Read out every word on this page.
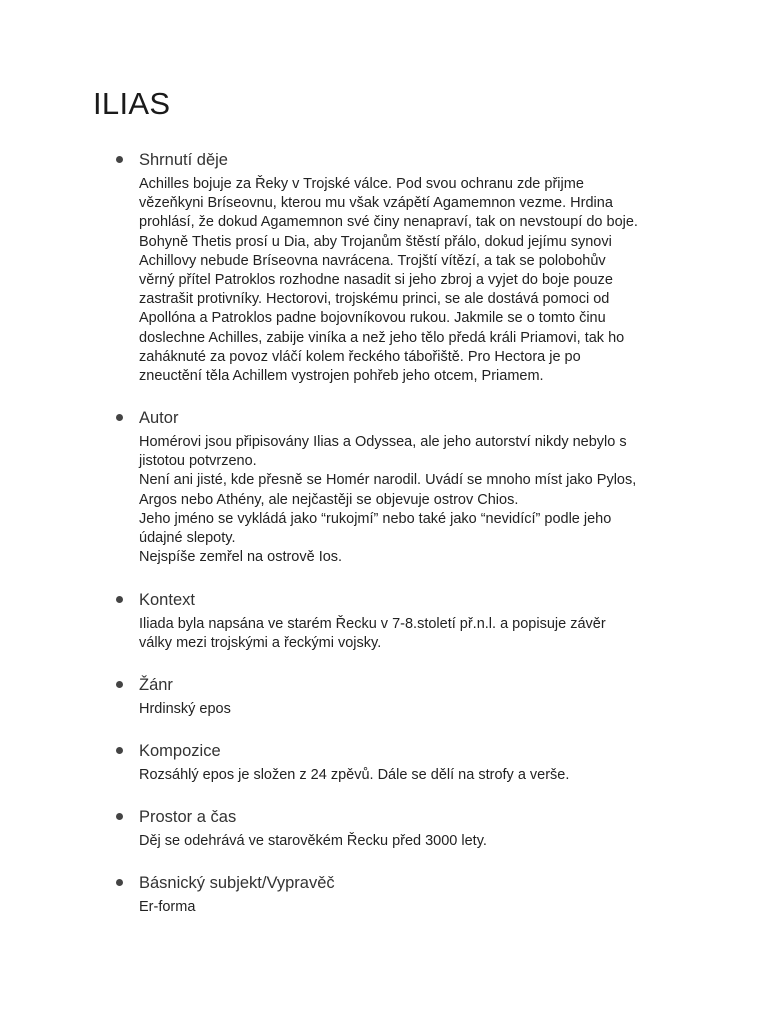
ILIAS
Shrnutí děje

Achilles bojuje za Řeky v Trojské válce. Pod svou ochranu zde přijme
vězeňkyni Bríseovnu, kterou mu však vzápětí Agamemnon vezme. Hrdina
prohlásí, že dokud Agamemnon své činy nenapraví, tak on nevstoupí do boje.
Bohyně Thetis prosí u Dia, aby Trojanům štěstí přálo, dokud jejímu synovi
Achillovy nebude Bríseovna navrácena. Trojští vítězí, a tak se polobohův
věrný přítel Patroklos rozhodne nasadit si jeho zbroj a vyjet do boje pouze
zastrašit protivníky. Hectorovi, trojskému princi, se ale dostává pomoci od
Apollóna a Patroklos padne bojovníkovou rukou. Jakmile se o tomto činu
doslechne Achilles, zabije viníka a než jeho tělo předá králi Priamovi, tak ho
zaháknuté za povoz vláčí kolem řeckého tábořiště. Pro Hectora je po
zneuctění těla Achillem vystrojen pohřeb jeho otcem, Priamem.

Autor

Homérovi jsou připisovány Ilias a Odyssea, ale jeho autorství nikdy nebylo s
jistotou potvrzeno.
Není ani jisté, kde přesně se Homér narodil. Uvádí se mnoho míst jako Pylos,
Argos nebo Athény, ale nejčastěji se objevuje ostrov Chios.
Jeho jméno se vykládá jako “rukojmí” nebo také jako “nevidící” podle jeho
údajné slepoty.
Nejspíše zemřel na ostrově Ios.

Kontext

Iliada byla napsána ve starém Řecku v 7-8.století př.n.l. a popisuje závěr
války mezi trojskými a řeckými vojsky.

Žánr

Hrdinský epos

Kompozice

Rozsáhlý epos je složen z 24 zpěvů. Dále se dělí na strofy a verše.

Prostor a čas

Děj se odehrává ve starověkém Řecku před 3000 lety.

Básnický subjekt/Vypravěč

Er-forma
